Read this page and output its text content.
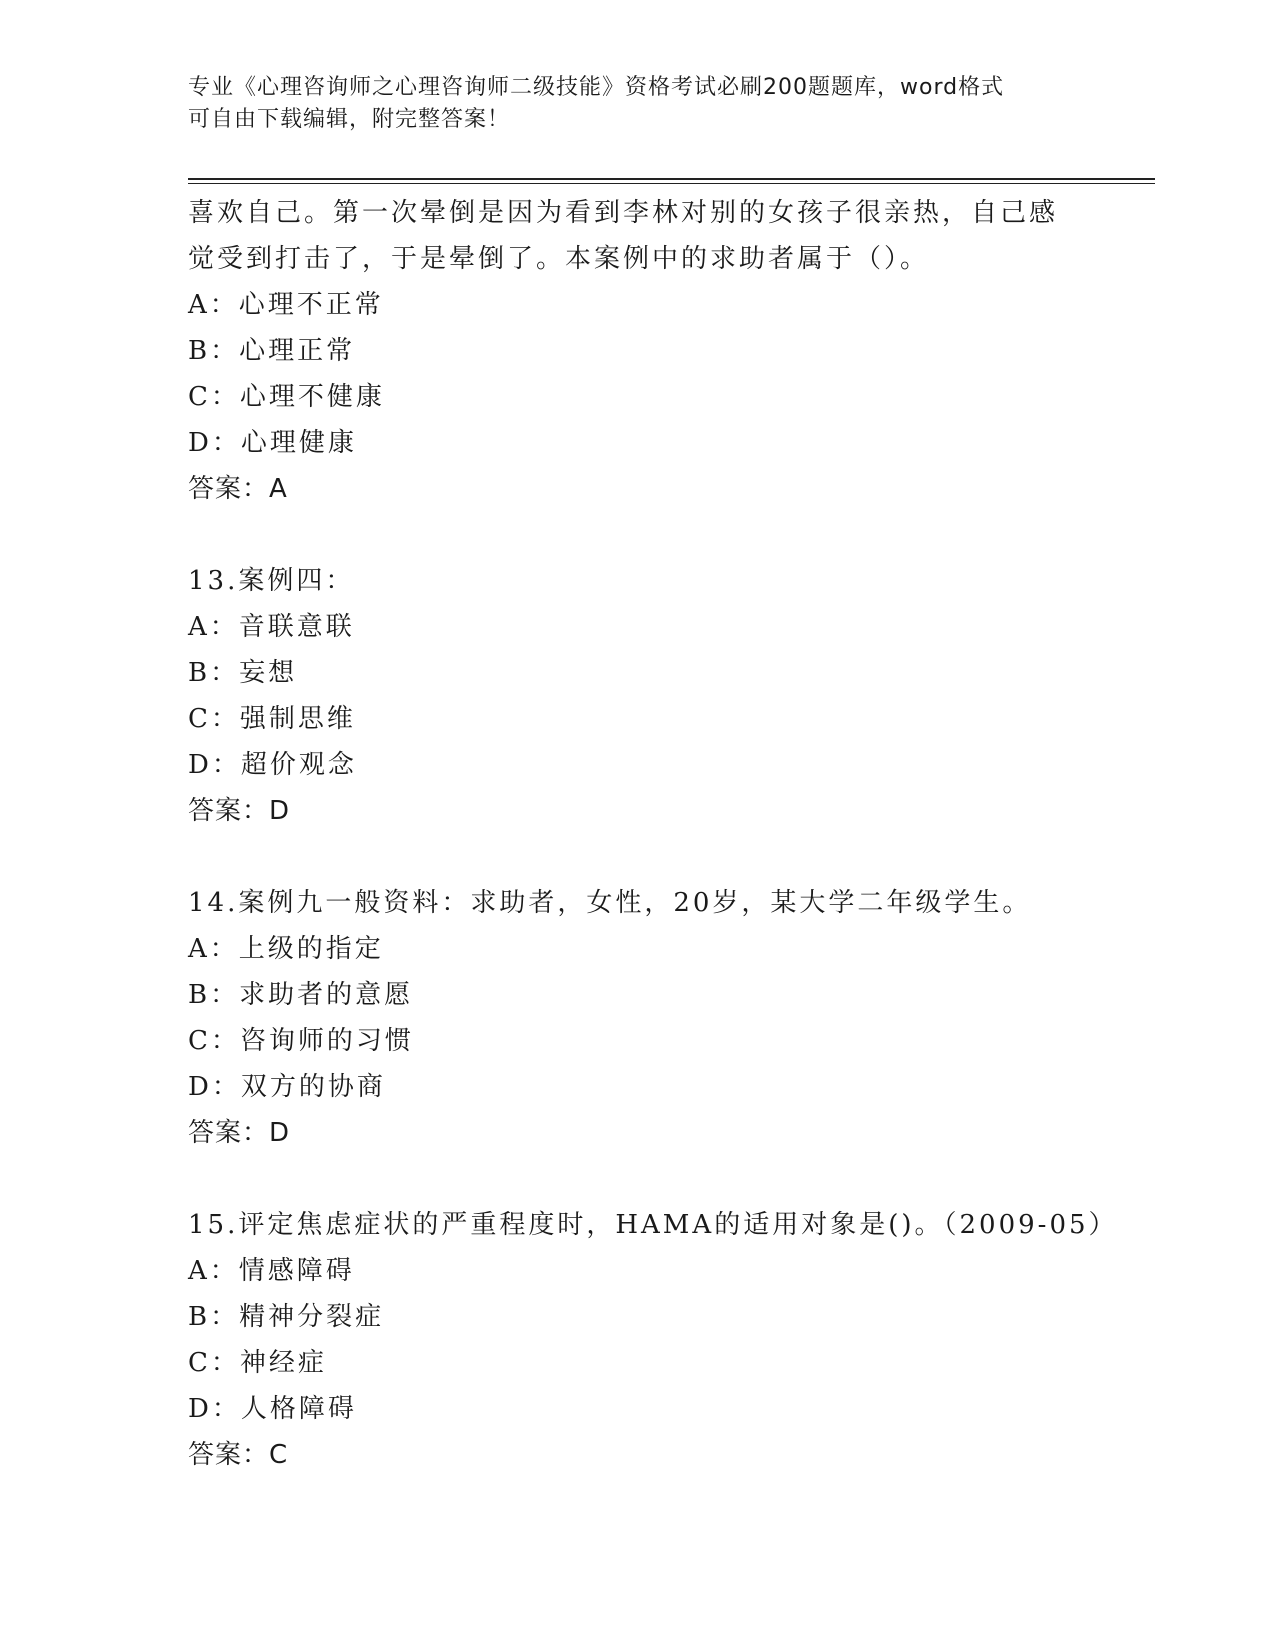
专业《心理咨询师之心理咨询师二级技能》资格考试必刷200题题库，word格式
可自由下载编辑，附完整答案！
喜欢自己。第一次晕倒是因为看到李林对别的女孩子很亲热，自己感
觉受到打击了，于是晕倒了。本案例中的求助者属于（）。
A：心理不正常
B：心理正常
C：心理不健康
D：心理健康
答案：A
13.案例四：
A：音联意联
B：妄想
C：强制思维
D：超价观念
答案：D
14.案例九一般资料：求助者，女性，20岁，某大学二年级学生。
A：上级的指定
B：求助者的意愿
C：咨询师的习惯
D：双方的协商
答案：D
15.评定焦虑症状的严重程度时，HAMA的适用对象是()。（2009-05）
A：情感障碍
B：精神分裂症
C：神经症
D：人格障碍
答案：C
